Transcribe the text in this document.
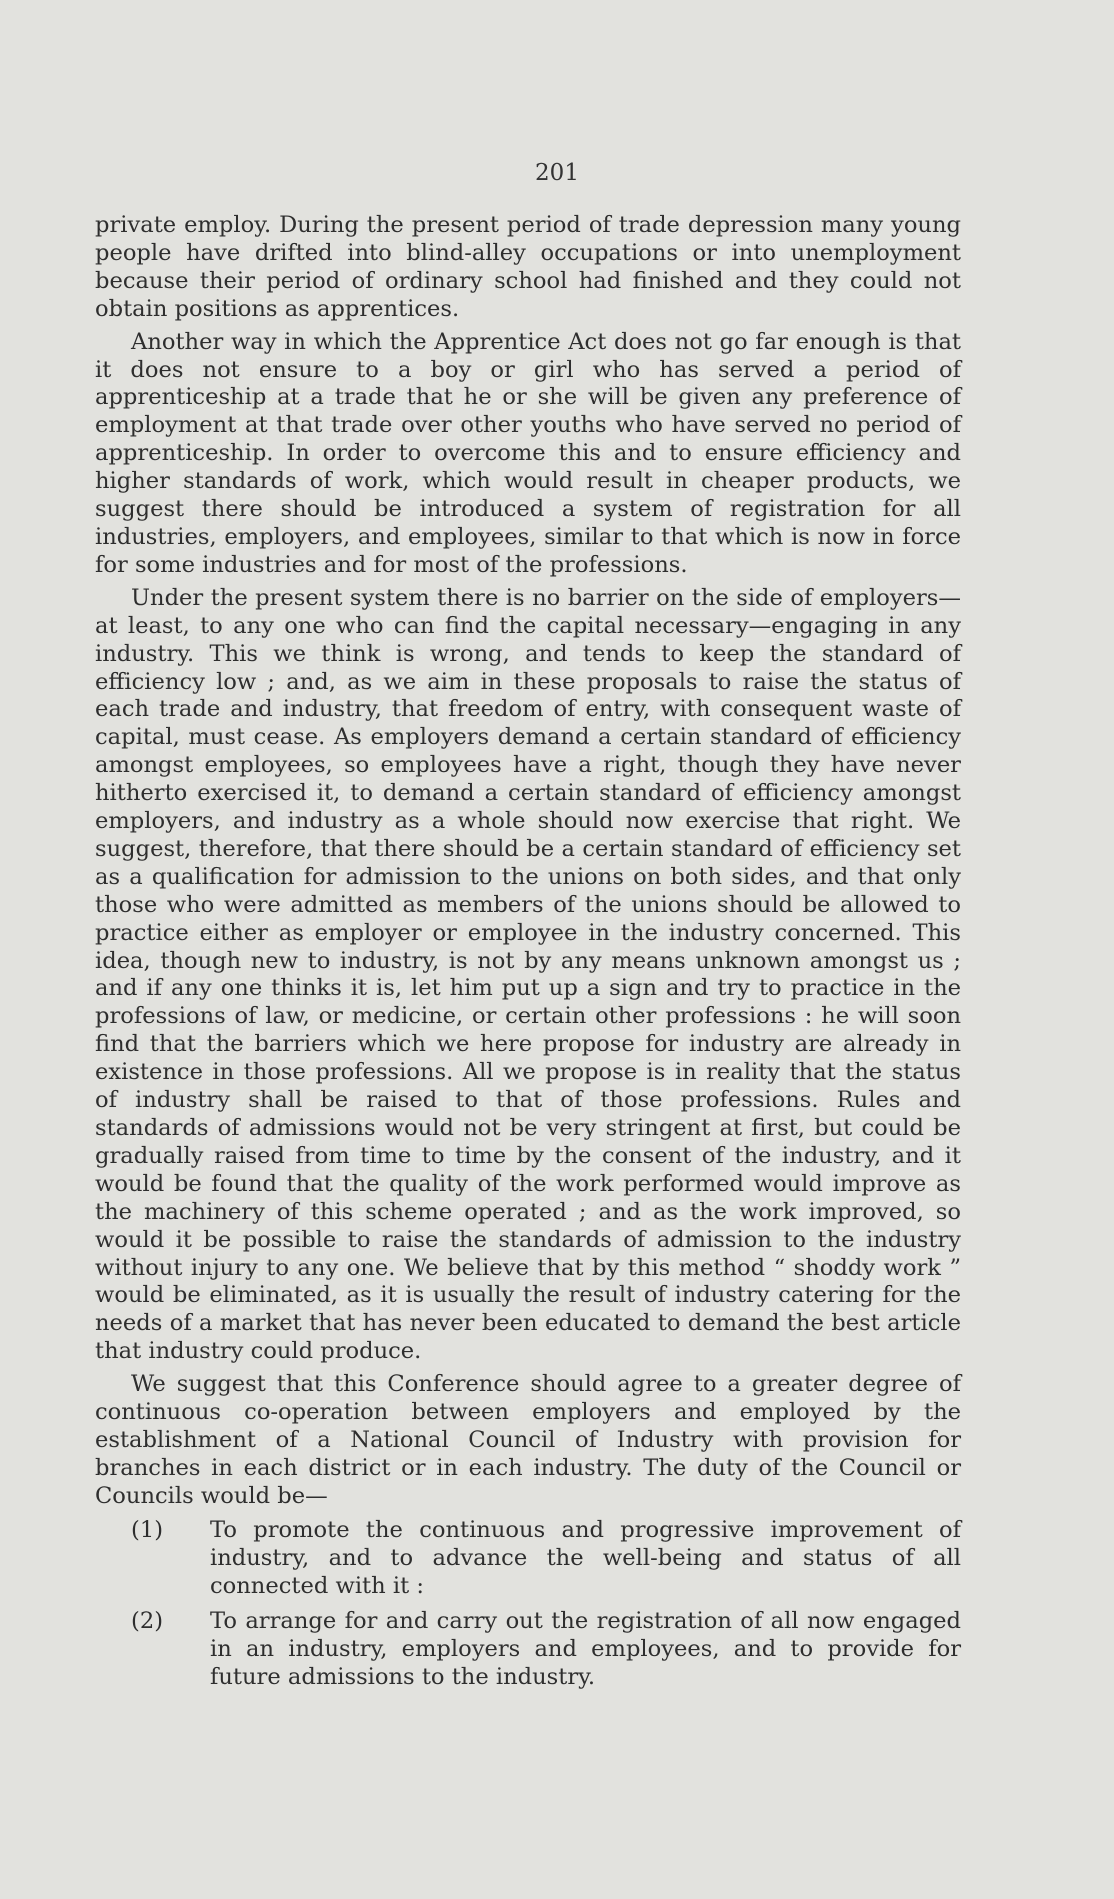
201

private employ. During the present period of trade depression many young people have drifted into blind-alley occupations or into unemployment because their period of ordinary school had finished and they could not obtain positions as apprentices.

Another way in which the Apprentice Act does not go far enough is that it does not ensure to a boy or girl who has served a period of apprenticeship at a trade that he or she will be given any preference of employment at that trade over other youths who have served no period of apprenticeship. In order to overcome this and to ensure efficiency and higher standards of work, which would result in cheaper products, we suggest there should be introduced a system of registration for all industries, employers, and employees, similar to that which is now in force for some industries and for most of the professions.

Under the present system there is no barrier on the side of employers—at least, to any one who can find the capital necessary—engaging in any industry. This we think is wrong, and tends to keep the standard of efficiency low ; and, as we aim in these proposals to raise the status of each trade and industry, that freedom of entry, with consequent waste of capital, must cease. As employers demand a certain standard of efficiency amongst employees, so employees have a right, though they have never hitherto exercised it, to demand a certain standard of efficiency amongst employers, and industry as a whole should now exercise that right. We suggest, therefore, that there should be a certain standard of efficiency set as a qualification for admission to the unions on both sides, and that only those who were admitted as members of the unions should be allowed to practice either as employer or employee in the industry concerned. This idea, though new to industry, is not by any means unknown amongst us ; and if any one thinks it is, let him put up a sign and try to practice in the professions of law, or medicine, or certain other professions : he will soon find that the barriers which we here propose for industry are already in existence in those professions. All we propose is in reality that the status of industry shall be raised to that of those professions. Rules and standards of admissions would not be very stringent at first, but could be gradually raised from time to time by the consent of the industry, and it would be found that the quality of the work performed would improve as the machinery of this scheme operated ; and as the work improved, so would it be possible to raise the standards of admission to the industry without injury to any one. We believe that by this method “ shoddy work ” would be eliminated, as it is usually the result of industry catering for the needs of a market that has never been educated to demand the best article that industry could produce.

We suggest that this Conference should agree to a greater degree of continuous co-operation between employers and employed by the establishment of a National Council of Industry with provision for branches in each district or in each industry. The duty of the Council or Councils would be—

(1) To promote the continuous and progressive improvement of industry, and to advance the well-being and status of all connected with it :
(2) To arrange for and carry out the registration of all now engaged in an industry, employers and employees, and to provide for future admissions to the industry.
